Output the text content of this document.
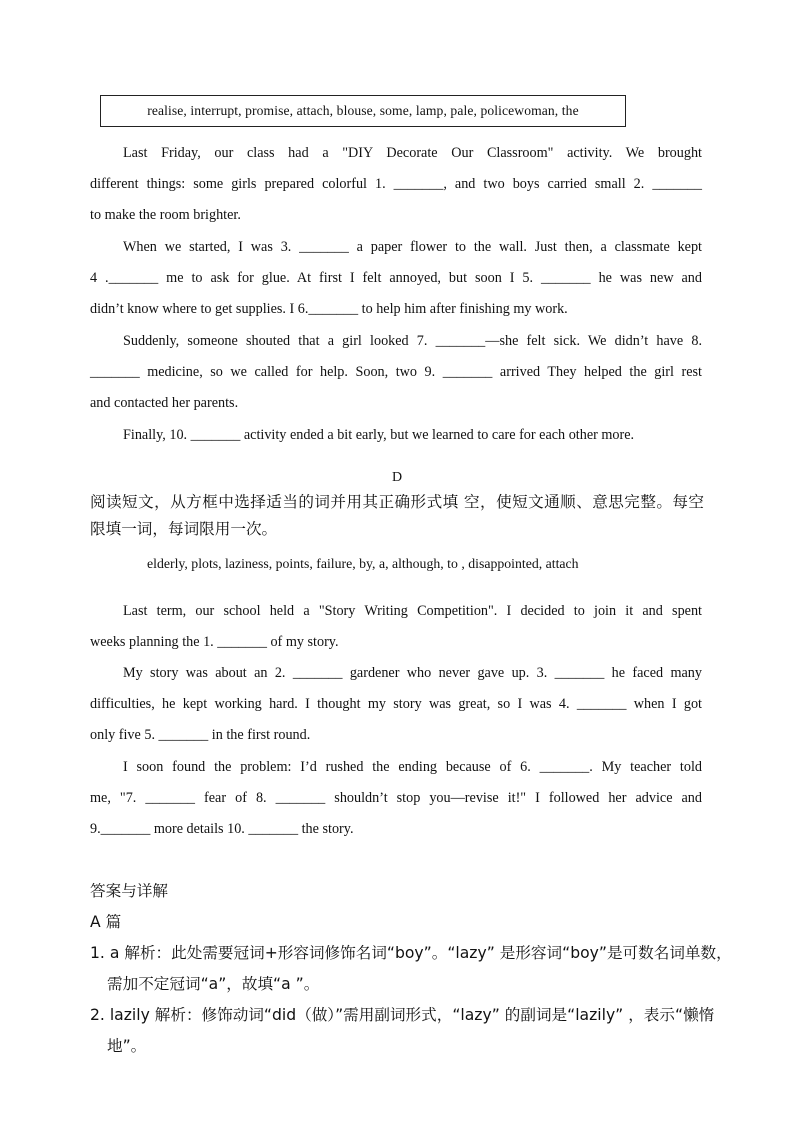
realise, interrupt, promise, attach, blouse, some, lamp, pale, policewoman, the
Last Friday, our class had a "DIY Decorate Our Classroom" activity. We brought
different things: some girls prepared colorful 1. _______, and two boys carried small 2. _______
to make the room brighter.
When we started, I was 3. _______ a paper flower to the wall. Just then, a classmate kept
4 ._______ me to ask for glue. At first I felt annoyed, but soon I 5. _______ he was new and
didn’t know where to get supplies. I 6._______ to help him after finishing my work.
Suddenly, someone shouted that a girl looked 7. _______—she felt sick. We didn’t have 8.
_______ medicine, so we called for help. Soon, two 9. _______ arrived They helped the girl rest
and contacted her parents.
Finally, 10. _______ activity ended a bit early, but we learned to care for each other more.
D
阅读短文，从方框中选择适当的词并用其正确形式填 空，使短文通顺、意思完整。每空
限填一词，每词限用一次。
elderly, plots, laziness, points, failure, by, a, although, to , disappointed, attach
Last term, our school held a "Story Writing Competition". I decided to join it and spent
weeks planning the 1. _______ of my story.
My story was about an 2. _______ gardener who never gave up. 3. _______ he faced many
difficulties, he kept working hard. I thought my story was great, so I was 4. _______ when I got
only five 5. _______ in the first round.
I soon found the problem: I’d rushed the ending because of 6. _______. My teacher told
me, "7. _______ fear of 8. _______ shouldn’t stop you—revise it!" I followed her advice and
9._______ more details 10. _______ the story.
答案与详解
A 篇
1. a 解析：此处需要冠词+形容词修饰名词“boy”。“lazy” 是形容词“boy”是可数名词单数，
需加不定冠词“a”，故填“a ”。
2. lazily 解析：修饰动词“did（做）”需用副词形式，“lazy” 的副词是“lazily” ，表示“懒惰
地”。
